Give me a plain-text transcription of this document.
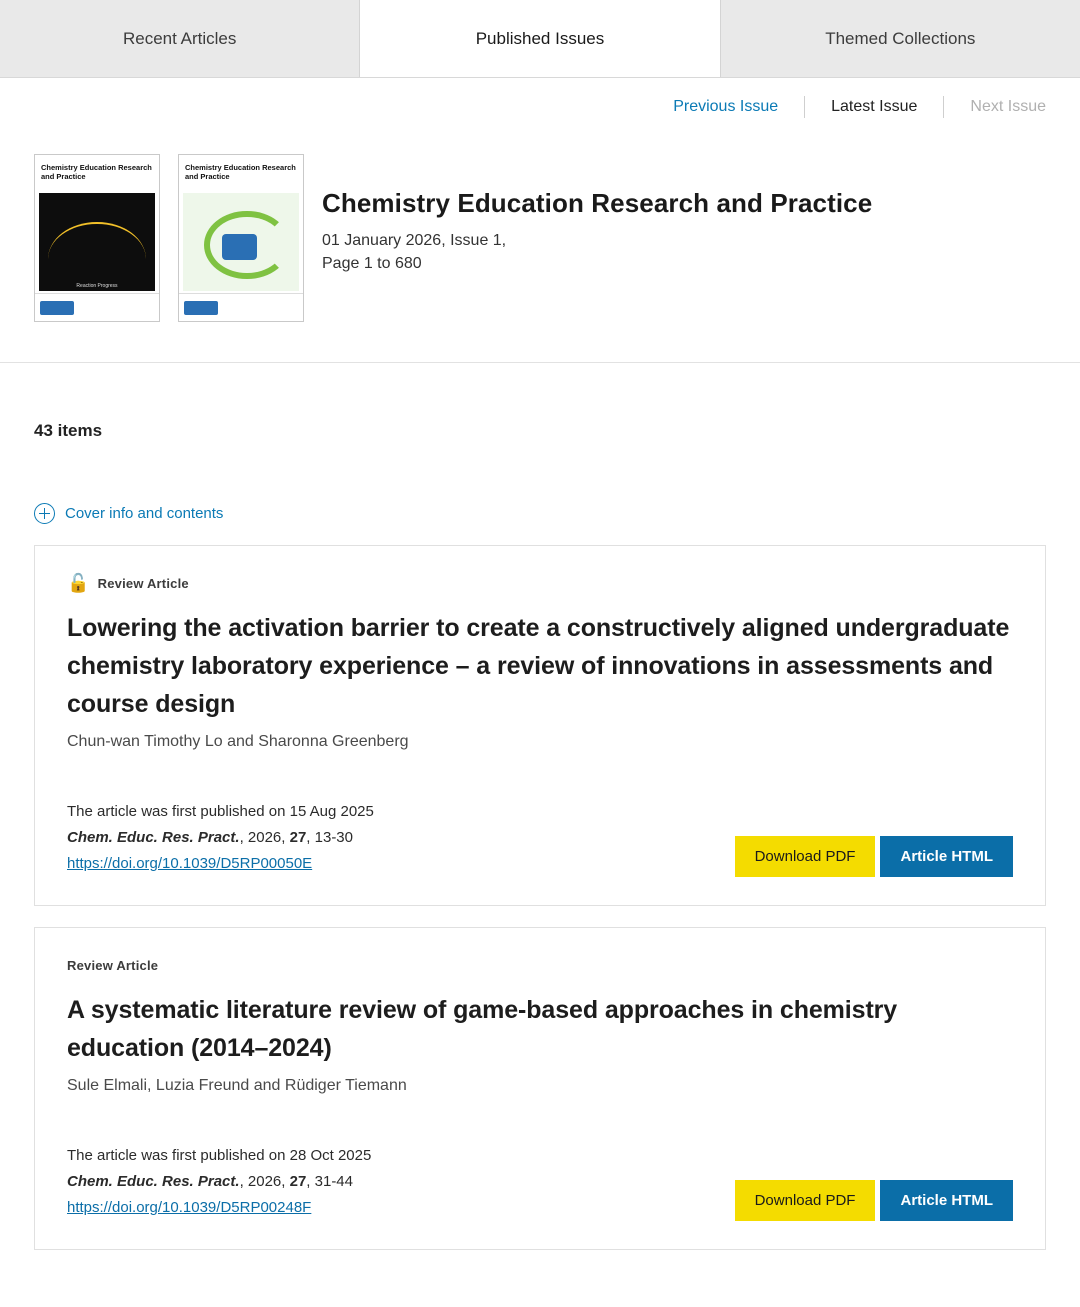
Recent Articles	Published Issues	Themed Collections
Previous Issue	Latest Issue	Next Issue
Chemistry Education Research and Practice
Reaction Progress
Chemistry Education Research and Practice
Chemistry Education Research and Practice
01 January 2026, Issue 1,
Page 1 to 680
43 items
Cover info and contents
🔓 Review Article
Lowering the activation barrier to create a constructively aligned undergraduate chemistry laboratory experience – a review of innovations in assessments and course design
Chun-wan Timothy Lo and Sharonna Greenberg
The article was first published on 15 Aug 2025
Chem. Educ. Res. Pract., 2026, 27, 13-30
https://doi.org/10.1039/D5RP00050E	Download PDF	Article HTML
Review Article
A systematic literature review of game-based approaches in chemistry education (2014–2024)
Sule Elmali, Luzia Freund and Rüdiger Tiemann
The article was first published on 28 Oct 2025
Chem. Educ. Res. Pract., 2026, 27, 31-44
https://doi.org/10.1039/D5RP00248F	Download PDF	Article HTML
